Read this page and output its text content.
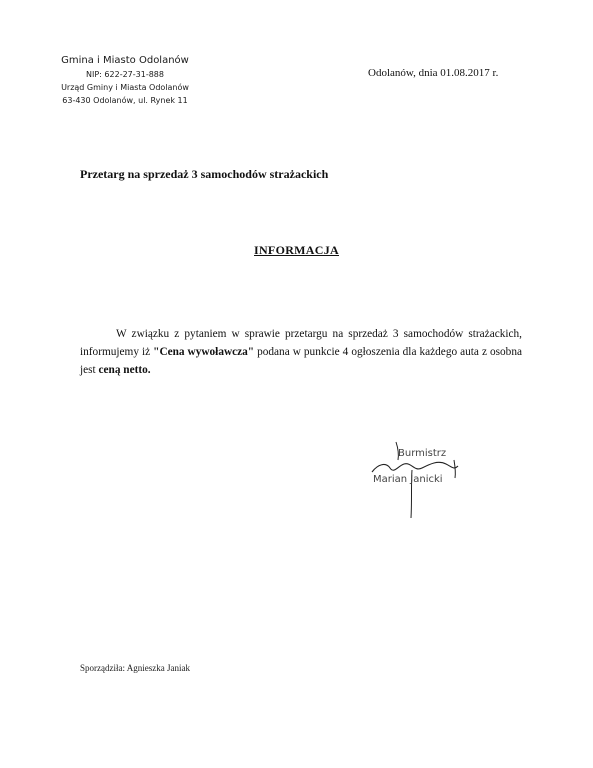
Gmina i Miasto Odolanów
NIP: 622-27-31-888
Urząd Gminy i Miasta Odolanów
63-430 Odolanów, ul. Rynek 11
Odolanów, dnia 01.08.2017 r.
Przetarg na sprzedaż 3 samochodów strażackich
INFORMACJA
W związku z pytaniem w sprawie przetargu na sprzedaż 3 samochodów strażackich, informujemy iż "Cena wywoławcza" podana w punkcie 4 ogłoszenia dla każdego auta z osobna jest ceną netto.
Burmistrz
Marian Janicki
Sporządziła: Agnieszka Janiak
